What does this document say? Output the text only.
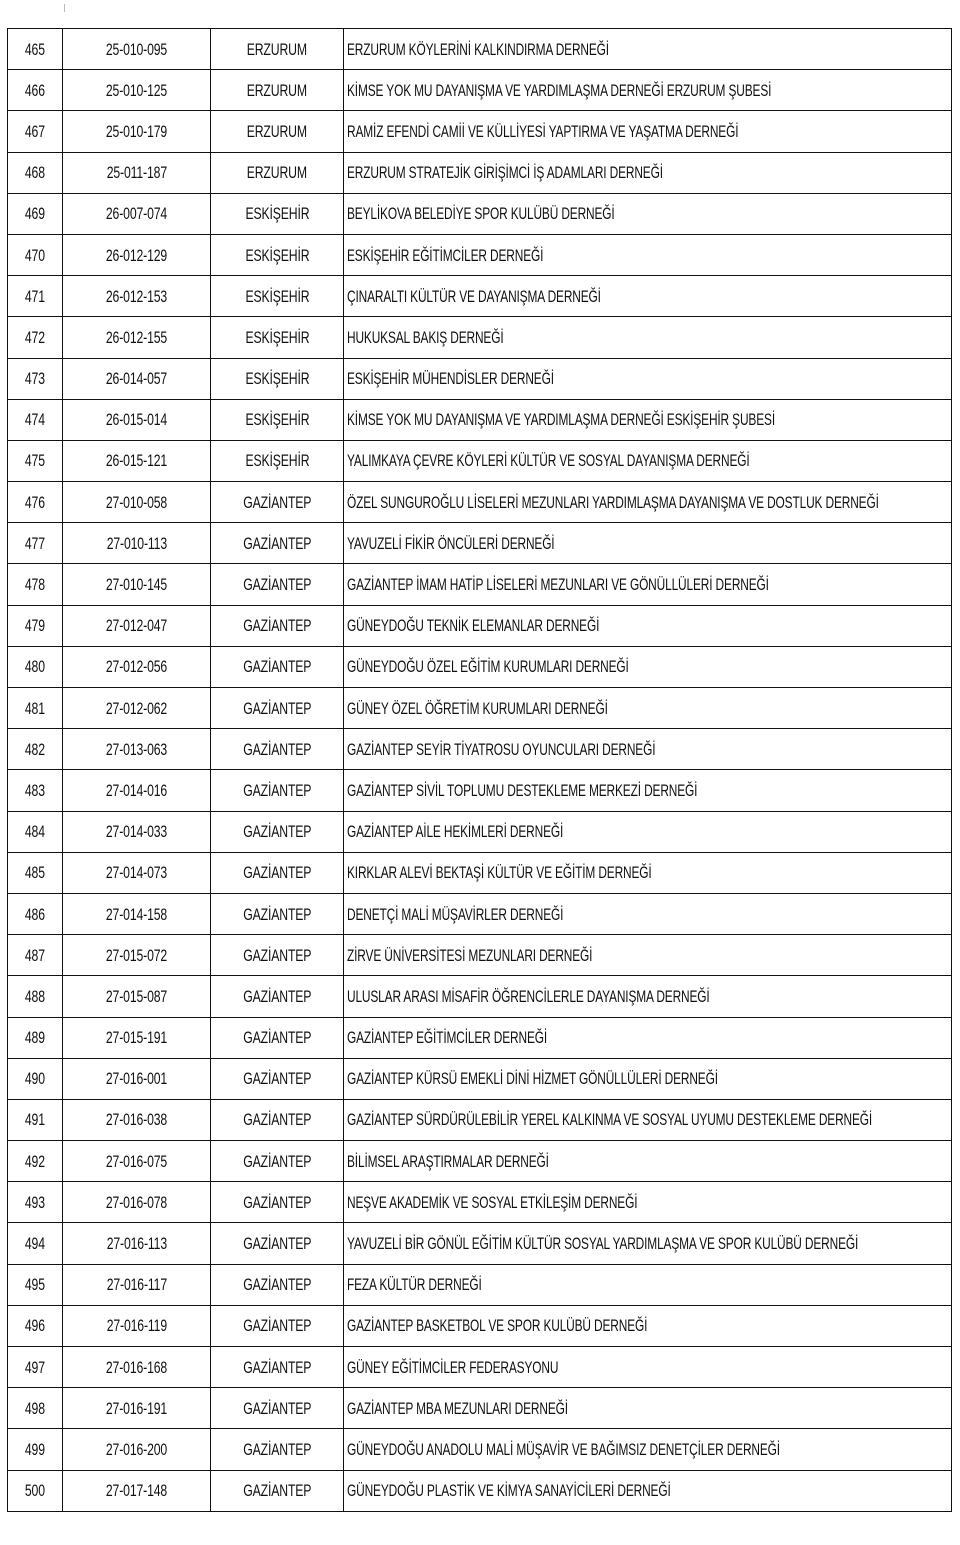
465	25-010-095	ERZURUM	ERZURUM KÖYLERİNİ KALKINDIRMA DERNEĞİ
466	25-010-125	ERZURUM	KİMSE YOK MU DAYANIŞMA VE YARDIMLAŞMA DERNEĞİ ERZURUM ŞUBESİ
467	25-010-179	ERZURUM	RAMİZ EFENDİ CAMİİ VE KÜLLİYESİ YAPTIRMA VE YAŞATMA DERNEĞİ
468	25-011-187	ERZURUM	ERZURUM STRATEJİK GİRİŞİMCİ İŞ ADAMLARI DERNEĞİ
469	26-007-074	ESKİŞEHİR	BEYLİKOVA BELEDİYE SPOR KULÜBÜ DERNEĞİ
470	26-012-129	ESKİŞEHİR	ESKİŞEHİR EĞİTİMCİLER DERNEĞİ
471	26-012-153	ESKİŞEHİR	ÇINARALTI KÜLTÜR VE DAYANIŞMA DERNEĞİ
472	26-012-155	ESKİŞEHİR	HUKUKSAL BAKIŞ DERNEĞİ
473	26-014-057	ESKİŞEHİR	ESKİŞEHİR MÜHENDİSLER DERNEĞİ
474	26-015-014	ESKİŞEHİR	KİMSE YOK MU DAYANIŞMA VE YARDIMLAŞMA DERNEĞİ ESKİŞEHİR ŞUBESİ
475	26-015-121	ESKİŞEHİR	YALIMKAYA ÇEVRE KÖYLERİ KÜLTÜR VE SOSYAL DAYANIŞMA DERNEĞİ
476	27-010-058	GAZİANTEP	ÖZEL SUNGUROĞLU LİSELERİ MEZUNLARI YARDIMLAŞMA DAYANIŞMA VE DOSTLUK DERNEĞİ
477	27-010-113	GAZİANTEP	YAVUZELİ FİKİR ÖNCÜLERİ DERNEĞİ
478	27-010-145	GAZİANTEP	GAZİANTEP İMAM HATİP LİSELERİ MEZUNLARI VE GÖNÜLLÜLERİ DERNEĞİ
479	27-012-047	GAZİANTEP	GÜNEYDOĞU TEKNİK ELEMANLAR DERNEĞİ
480	27-012-056	GAZİANTEP	GÜNEYDOĞU ÖZEL EĞİTİM KURUMLARI DERNEĞİ
481	27-012-062	GAZİANTEP	GÜNEY ÖZEL ÖĞRETİM KURUMLARI DERNEĞİ
482	27-013-063	GAZİANTEP	GAZİANTEP SEYİR TİYATROSU OYUNCULARI DERNEĞİ
483	27-014-016	GAZİANTEP	GAZİANTEP SİVİL TOPLUMU DESTEKLEME MERKEZİ DERNEĞİ
484	27-014-033	GAZİANTEP	GAZİANTEP AİLE HEKİMLERİ DERNEĞİ
485	27-014-073	GAZİANTEP	KIRKLAR ALEVİ BEKTAŞİ KÜLTÜR VE EĞİTİM DERNEĞİ
486	27-014-158	GAZİANTEP	DENETÇİ MALİ MÜŞAVİRLER DERNEĞİ
487	27-015-072	GAZİANTEP	ZİRVE ÜNİVERSİTESİ MEZUNLARI DERNEĞİ
488	27-015-087	GAZİANTEP	ULUSLAR ARASI MİSAFİR ÖĞRENCİLERLE DAYANIŞMA DERNEĞİ
489	27-015-191	GAZİANTEP	GAZİANTEP EĞİTİMCİLER DERNEĞİ
490	27-016-001	GAZİANTEP	GAZİANTEP KÜRSÜ EMEKLİ DİNİ HİZMET GÖNÜLLÜLERİ DERNEĞİ
491	27-016-038	GAZİANTEP	GAZİANTEP SÜRDÜRÜLEBİLİR YEREL KALKINMA VE SOSYAL UYUMU DESTEKLEME DERNEĞİ
492	27-016-075	GAZİANTEP	BİLİMSEL ARAŞTIRMALAR DERNEĞİ
493	27-016-078	GAZİANTEP	NEŞVE AKADEMİK VE SOSYAL ETKİLEŞİM DERNEĞİ
494	27-016-113	GAZİANTEP	YAVUZELİ BİR GÖNÜL EĞİTİM KÜLTÜR SOSYAL YARDIMLAŞMA VE SPOR KULÜBÜ DERNEĞİ
495	27-016-117	GAZİANTEP	FEZA KÜLTÜR DERNEĞİ
496	27-016-119	GAZİANTEP	GAZİANTEP BASKETBOL VE SPOR KULÜBÜ DERNEĞİ
497	27-016-168	GAZİANTEP	GÜNEY EĞİTİMCİLER FEDERASYONU
498	27-016-191	GAZİANTEP	GAZİANTEP MBA MEZUNLARI DERNEĞİ
499	27-016-200	GAZİANTEP	GÜNEYDOĞU ANADOLU MALİ MÜŞAVİR VE BAĞIMSIZ DENETÇİLER DERNEĞİ
500	27-017-148	GAZİANTEP	GÜNEYDOĞU PLASTİK VE KİMYA SANAYİCİLERİ DERNEĞİ
